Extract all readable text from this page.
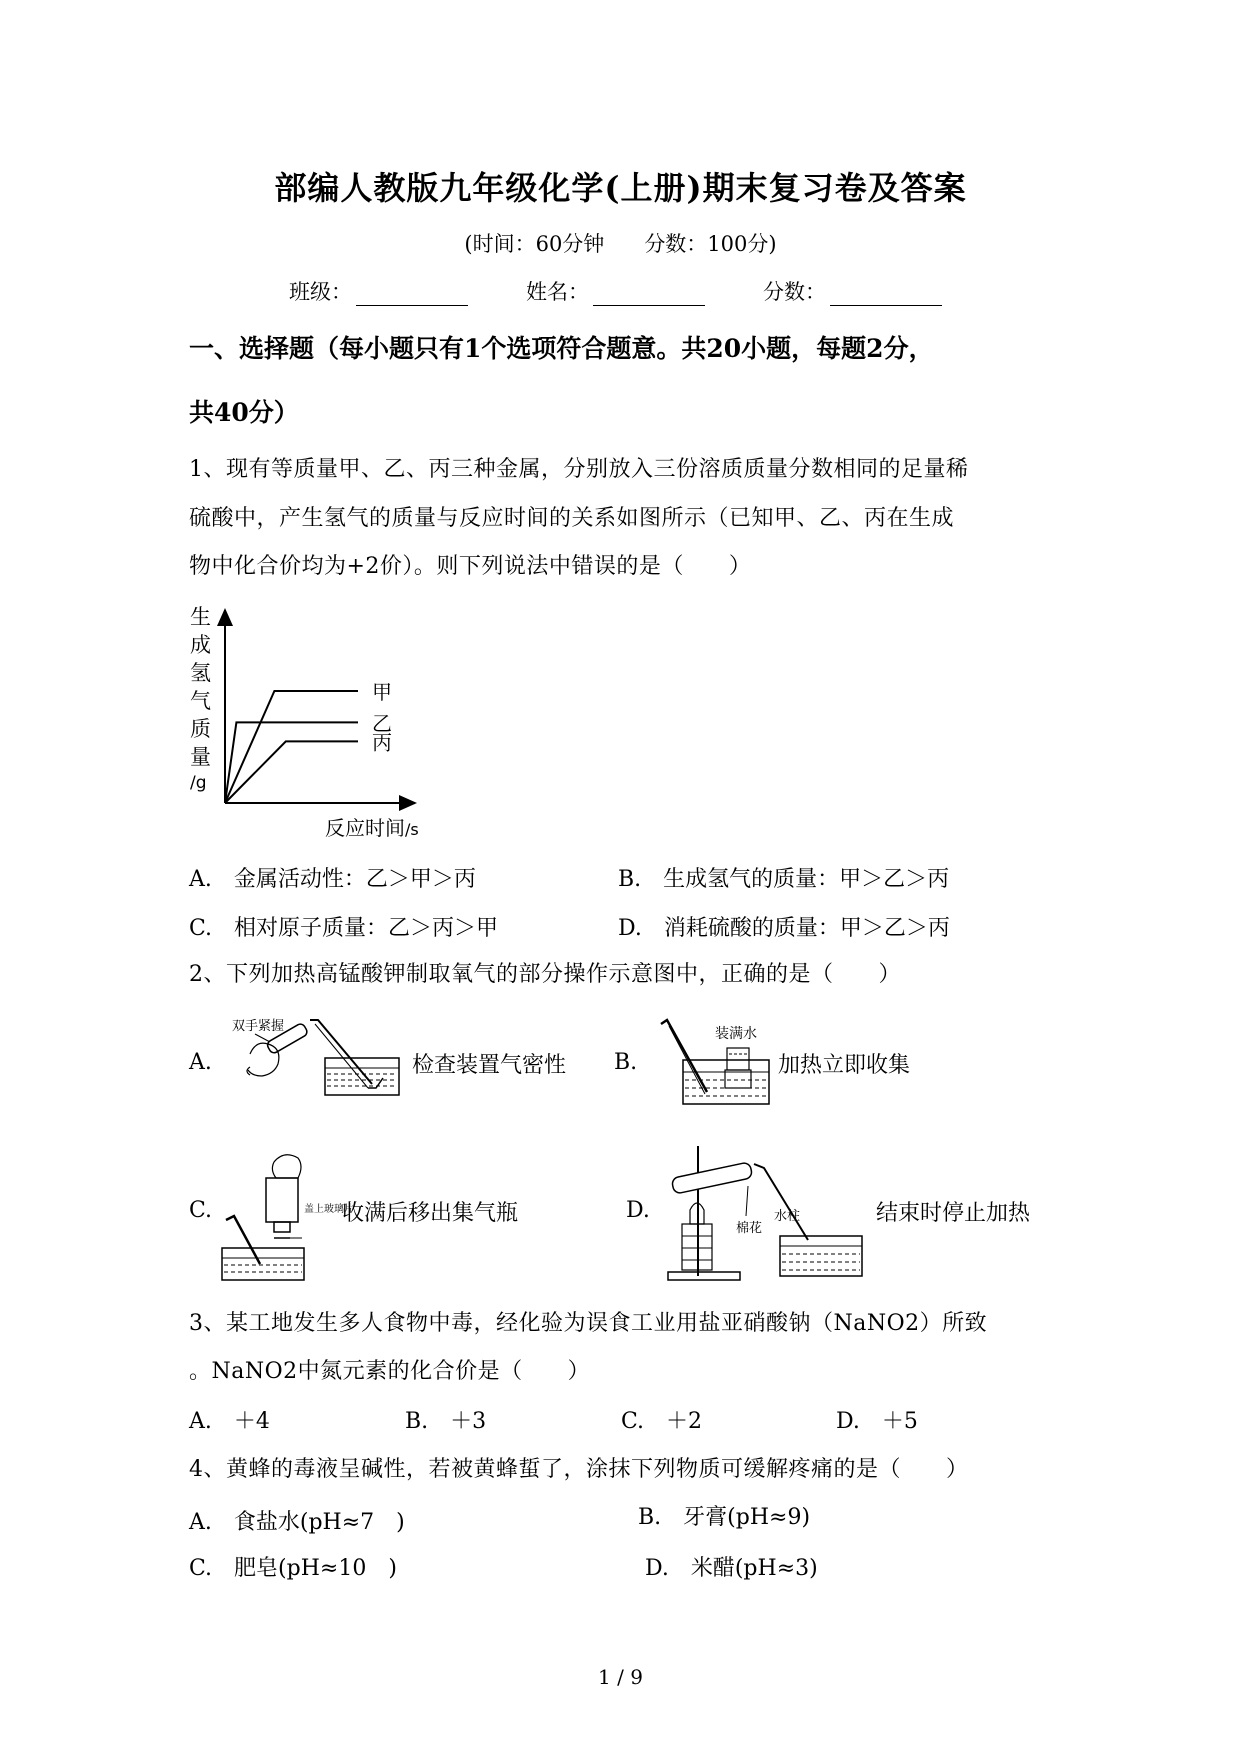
部编人教版九年级化学(上册)期末复习卷及答案
(时间：60分钟 分数：100分)
班级：	姓名：	分数：
一、选择题（每小题只有1个选项符合题意。共20小题，每题2分，
共40分）
1、现有等质量甲、乙、丙三种金属，分别放入三份溶质质量分数相同的足量稀
硫酸中，产生氢气的质量与反应时间的关系如图所示（已知甲、乙、丙在生成
物中化合价均为+2价）。则下列说法中错误的是（　　）
生
成
氢
气
质
量
/g
甲
乙
丙
反应时间/s
A.　金属活动性：乙＞甲＞丙	B.　生成氢气的质量：甲＞乙＞丙
C.　相对原子质量：乙＞丙＞甲	D.　消耗硫酸的质量：甲＞乙＞丙
2、下列加热高锰酸钾制取氧气的部分操作示意图中，正确的是（　　）
A.
双手紧握
检查装置气密性 B.
装满水
加热立即收集
C.	盖上玻璃片
收满后移出集气瓶	D.
棉花
水柱	结束时停止加热
3、某工地发生多人食物中毒，经化验为误食工业用盐亚硝酸钠（NaNO2）所致
。NaNO2中氮元素的化合价是（　　）
A.　＋4	B.　＋3	C.　＋2	D.　＋5
4、黄蜂的毒液呈碱性，若被黄蜂蜇了，涂抹下列物质可缓解疼痛的是（　　）
A.　食盐水(pH≈7　)	B.　牙膏(pH≈9)
C.　肥皂(pH≈10　)	D.　米醋(pH≈3)
1 / 9
